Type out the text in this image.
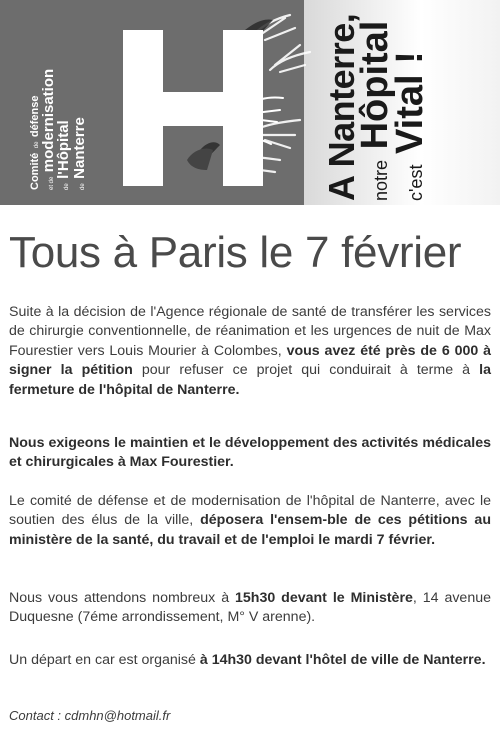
Comité de défense
et de modernisation
de l'Hôpital
de Nanterre	A Nanterre, notre Hôpital
c'est Vital !
Tous à Paris le 7 février
Suite à la décision de l'Agence régionale de santé de transférer les services de chirurgie conventionnelle, de réanimation et les urgences de nuit de Max Fourestier vers Louis Mourier à Colombes, vous avez été près de 6 000 à signer la pétition pour refuser ce projet qui conduirait à terme à la fermeture de l'hôpital de Nanterre.
Nous exigeons le maintien et le développement des activités médicales et chirurgicales à Max Fourestier.
Le comité de défense et de modernisation de l'hôpital de Nanterre, avec le soutien des élus de la ville, déposera l'ensem-ble de ces pétitions au ministère de la santé, du travail et de l'emploi le mardi 7 février.
Nous vous attendons nombreux à 15h30 devant le Ministère, 14 avenue Duquesne (7éme arrondissement, M° V arenne).
Un départ en car est organisé à 14h30 devant l'hôtel de ville de Nanterre.
Contact : cdmhn@hotmail.fr
